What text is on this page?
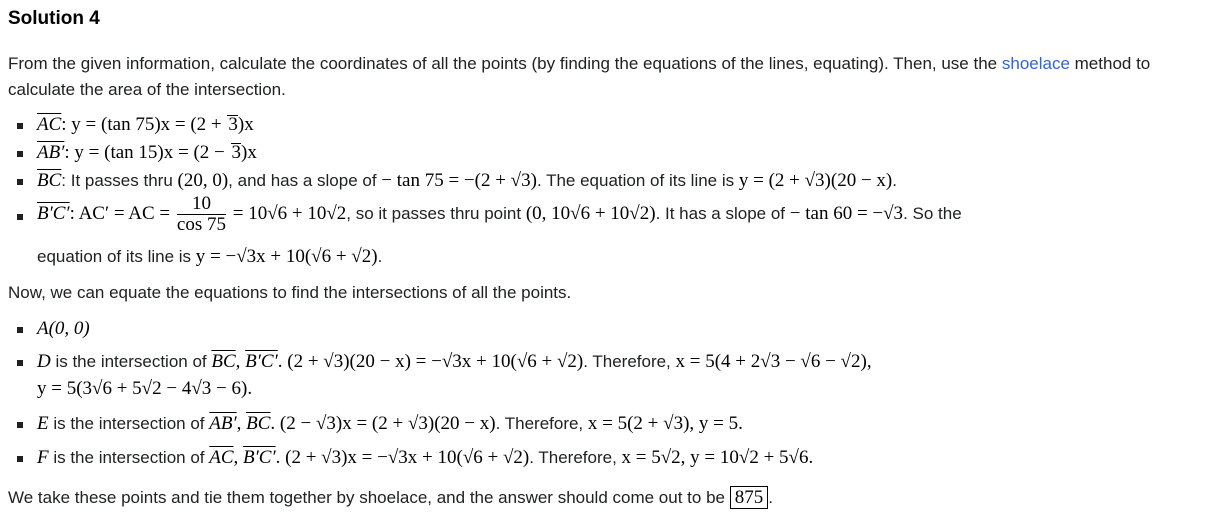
Solution 4
From the given information, calculate the coordinates of all the points (by finding the equations of the lines, equating). Then, use the shoelace method to calculate the area of the intersection.
$\overline{AC}$: y = (tan 75)x = (2 + 3)x
AB′: y = (tan 15)x = (2 − 3)x
$\overline{BC}$: It passes thru (20, 0), and has a slope of − tan 75 = −(2 + √3). The equation of its line is y = (2 + √3)(20 − x).
B′C′: AC′ = AC = $\frac{10}{\cos 75} = 10√6 + 10√2$, so it passes thru point (0, 10√6 + 10√2). It has a slope of − tan 60 = −√3. So the
equation of its line is y = −√3x + 10(√6 + √2).
Now, we can equate the equations to find the intersections of all the points.
A(0, 0)
D is the intersection of $\overline{BC}$, B′C′. (2 + √3)(20 − x) = −√3x + 10(√6 + √2). Therefore, x = 5(4 + 2√3 − √6 − √2),
y = 5(3√6 + 5√2 − 4√3 − 6).
E is the intersection of AB′, $\overline{BC}$. (2 − √3)x = (2 + √3)(20 − x). Therefore, x = 5(2 + √3), y = 5.
F is the intersection of $\overline{AC}$, B′C′. (2 + √3)x = −√3x + 10(√6 + √2). Therefore, x = 5√2, y = 10√2 + 5√6.
We take these points and tie them together by shoelace, and the answer should come out to be 875 .
